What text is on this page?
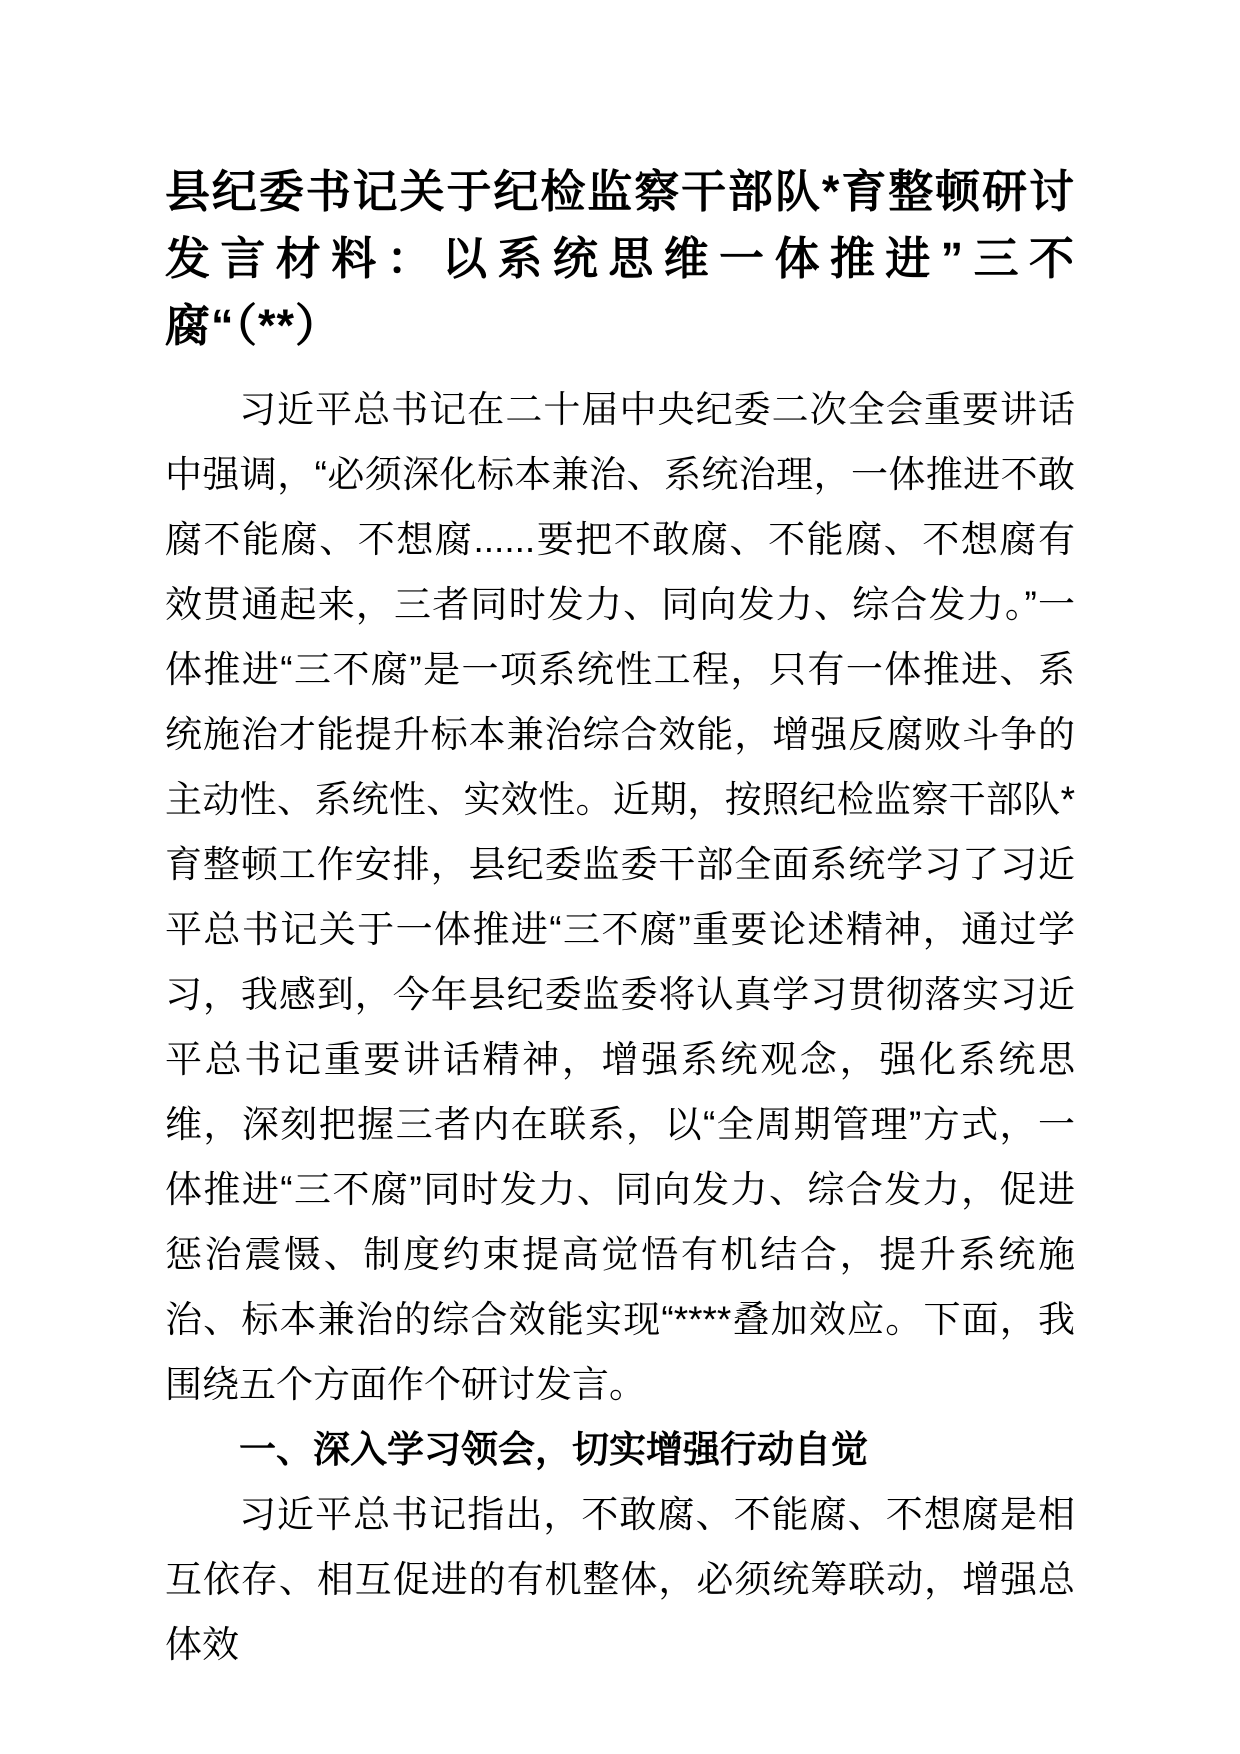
县纪委书记关于纪检监察干部队*育整顿研讨发言材料：以系统思维一体推进”三不腐“（**）

习近平总书记在二十届中央纪委二次全会重要讲话中强调，“必须深化标本兼治、系统治理，一体推进不敢腐不能腐、不想腐......要把不敢腐、不能腐、不想腐有效贯通起来，三者同时发力、同向发力、综合发力。”一体推进“三不腐”是一项系统性工程，只有一体推进、系统施治才能提升标本兼治综合效能，增强反腐败斗争的主动性、系统性、实效性。近期，按照纪检监察干部队*育整顿工作安排，县纪委监委干部全面系统学习了习近平总书记关于一体推进“三不腐”重要论述精神，通过学习，我感到，今年县纪委监委将认真学习贯彻落实习近平总书记重要讲话精神，增强系统观念，强化系统思维，深刻把握三者内在联系，以“全周期管理”方式，一体推进“三不腐”同时发力、同向发力、综合发力，促进惩治震慑、制度约束提高觉悟有机结合，提升系统施治、标本兼治的综合效能实现“****叠加效应。下面，我围绕五个方面作个研讨发言。

一、深入学习领会，切实增强行动自觉

习近平总书记指出，不敢腐、不能腐、不想腐是相互依存、相互促进的有机整体，必须统筹联动，增强总体效
